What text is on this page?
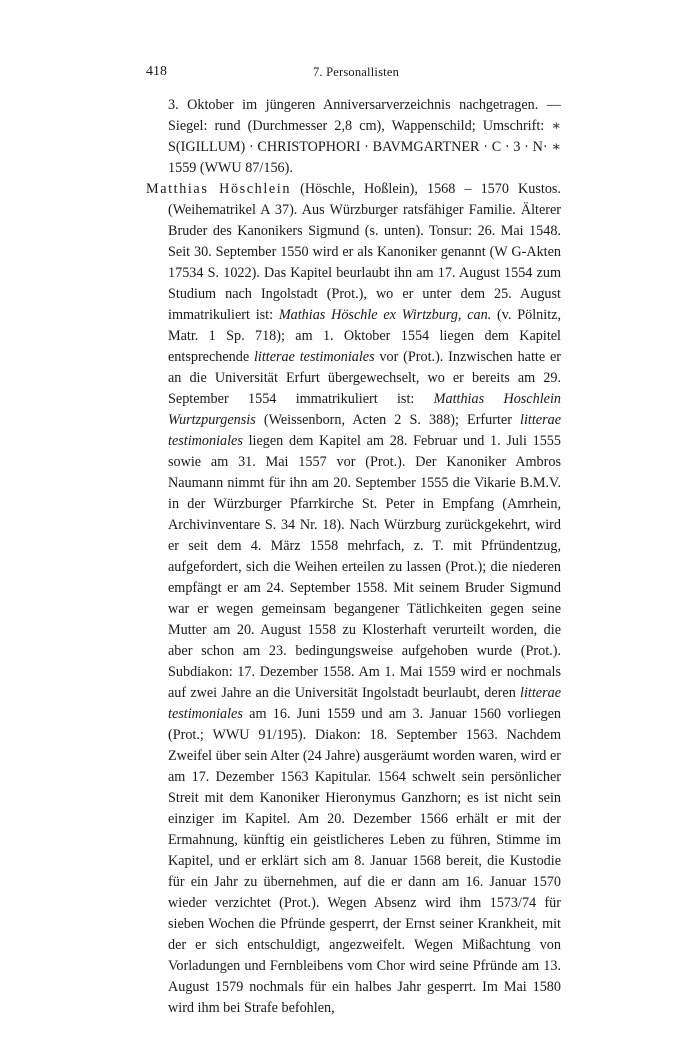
418	7. Personallisten

3. Oktober im jüngeren Anniversarverzeichnis nachgetragen. — Siegel: rund (Durchmesser 2,8 cm), Wappenschild; Umschrift: ∗ S(IGILLUM) · CHRISTOPHORI · BAVMGARTNER · C · 3 · N· ∗ 1559 (WWU 87/156).

Matthias Höschlein (Höschle, Hoßlein), 1568 – 1570 Kustos. (Weihematrikel A 37). Aus Würzburger ratsfähiger Familie. Älterer Bruder des Kanonikers Sigmund (s. unten). Tonsur: 26. Mai 1548. Seit 30. September 1550 wird er als Kanoniker genannt (W G-Akten 17534 S. 1022). Das Kapitel beurlaubt ihn am 17. August 1554 zum Studium nach Ingolstadt (Prot.), wo er unter dem 25. August immatrikuliert ist: Mathias Höschle ex Wirtzburg, can. (v. Pölnitz, Matr. 1 Sp. 718); am 1. Oktober 1554 liegen dem Kapitel entsprechende litterae testimoniales vor (Prot.). Inzwischen hatte er an die Universität Erfurt übergewechselt, wo er bereits am 29. September 1554 immatrikuliert ist: Matthias Hoschlein Wurtzpurgensis (Weissenborn, Acten 2 S. 388); Erfurter litterae testimoniales liegen dem Kapitel am 28. Februar und 1. Juli 1555 sowie am 31. Mai 1557 vor (Prot.). Der Kanoniker Ambros Naumann nimmt für ihn am 20. September 1555 die Vikarie B.M.V. in der Würzburger Pfarrkirche St. Peter in Empfang (Amrhein, Archivinventare S. 34 Nr. 18). Nach Würzburg zurückgekehrt, wird er seit dem 4. März 1558 mehrfach, z. T. mit Pfründentzug, aufgefordert, sich die Weihen erteilen zu lassen (Prot.); die niederen empfängt er am 24. September 1558. Mit seinem Bruder Sigmund war er wegen gemeinsam begangener Tätlichkeiten gegen seine Mutter am 20. August 1558 zu Klosterhaft verurteilt worden, die aber schon am 23. bedingungsweise aufgehoben wurde (Prot.). Subdiakon: 17. Dezember 1558. Am 1. Mai 1559 wird er nochmals auf zwei Jahre an die Universität Ingolstadt beurlaubt, deren litterae testimoniales am 16. Juni 1559 und am 3. Januar 1560 vorliegen (Prot.; WWU 91/195). Diakon: 18. September 1563. Nachdem Zweifel über sein Alter (24 Jahre) ausgeräumt worden waren, wird er am 17. Dezember 1563 Kapitular. 1564 schwelt sein persönlicher Streit mit dem Kanoniker Hieronymus Ganzhorn; es ist nicht sein einziger im Kapitel. Am 20. Dezember 1566 erhält er mit der Ermahnung, künftig ein geistlicheres Leben zu führen, Stimme im Kapitel, und er erklärt sich am 8. Januar 1568 bereit, die Kustodie für ein Jahr zu übernehmen, auf die er dann am 16. Januar 1570 wieder verzichtet (Prot.). Wegen Absenz wird ihm 1573/74 für sieben Wochen die Pfründe gesperrt, der Ernst seiner Krankheit, mit der er sich entschuldigt, angezweifelt. Wegen Mißachtung von Vorladungen und Fernbleibens vom Chor wird seine Pfründe am 13. August 1579 nochmals für ein halbes Jahr gesperrt. Im Mai 1580 wird ihm bei Strafe befohlen,
